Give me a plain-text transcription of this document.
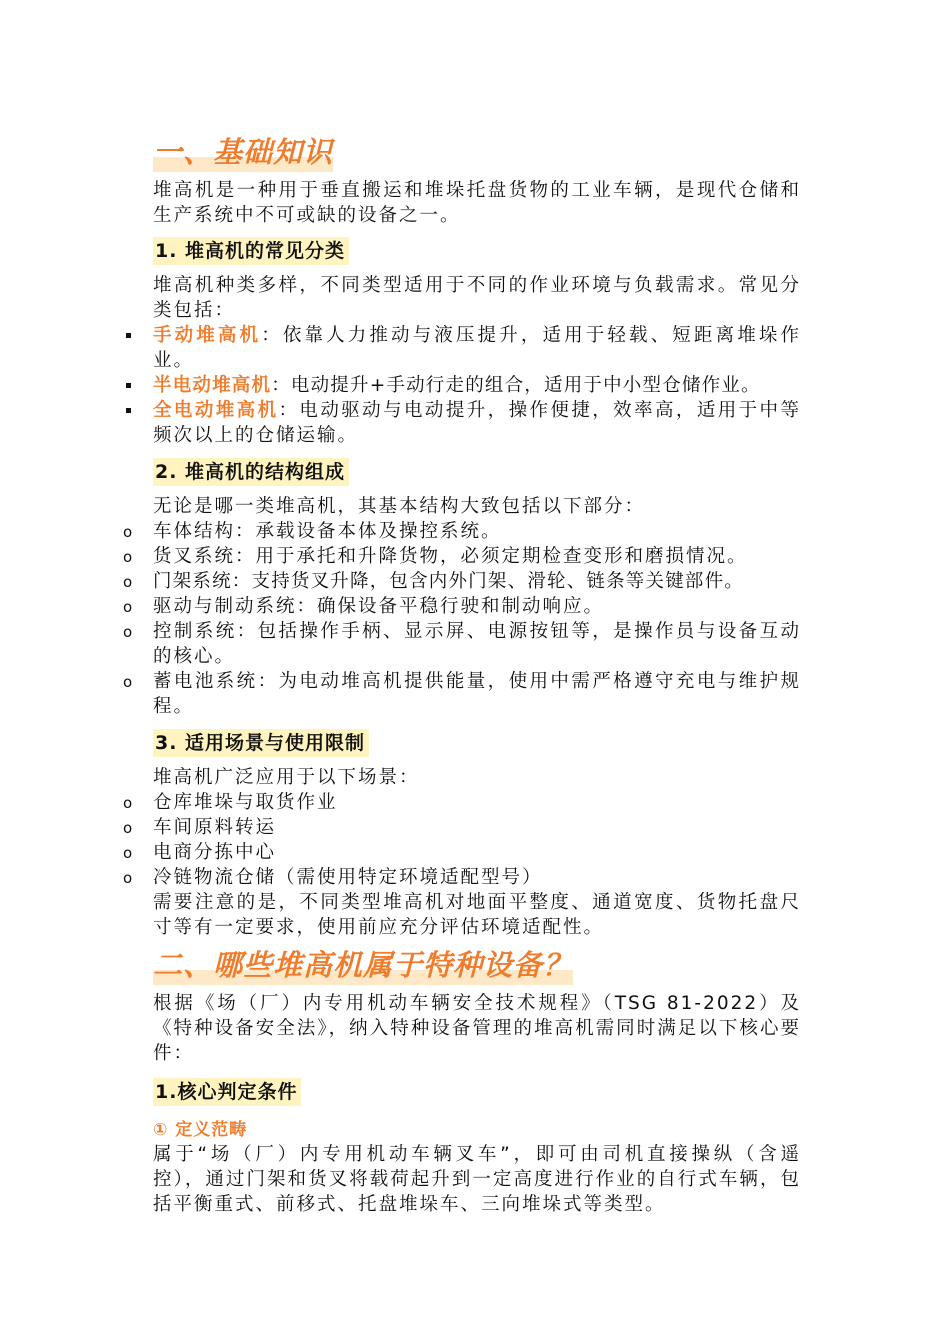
一、基础知识

堆高机是一种用于垂直搬运和堆垛托盘货物的工业车辆，是现代仓储和生产系统中不可或缺的设备之一。

1. 堆高机的常见分类

堆高机种类多样，不同类型适用于不同的作业环境与负载需求。常见分类包括：

手动堆高机：依靠人力推动与液压提升，适用于轻载、短距离堆垛作业。
半电动堆高机：电动提升+手动行走的组合，适用于中小型仓储作业。
全电动堆高机：电动驱动与电动提升，操作便捷，效率高，适用于中等频次以上的仓储运输。
2. 堆高机的结构组成

无论是哪一类堆高机，其基本结构大致包括以下部分：

o 车体结构：承载设备本体及操控系统。
o 货叉系统：用于承托和升降货物，必须定期检查变形和磨损情况。
o 门架系统：支持货叉升降，包含内外门架、滑轮、链条等关键部件。
o 驱动与制动系统：确保设备平稳行驶和制动响应。
o 控制系统：包括操作手柄、显示屏、电源按钮等，是操作员与设备互动的核心。
o 蓄电池系统：为电动堆高机提供能量，使用中需严格遵守充电与维护规程。
3. 适用场景与使用限制

堆高机广泛应用于以下场景：

o 仓库堆垛与取货作业
o 车间原料转运
o 电商分拣中心
o 冷链物流仓储（需使用特定环境适配型号）

需要注意的是，不同类型堆高机对地面平整度、通道宽度、货物托盘尺寸等有一定要求，使用前应充分评估环境适配性。

二、哪些堆高机属于特种设备？

根据《场（厂）内专用机动车辆安全技术规程》（TSG 81-2022）及《特种设备安全法》，纳入特种设备管理的堆高机需同时满足以下核心要件：

1.核心判定条件
① 定义范畴

属于“场（厂）内专用机动车辆叉车”，即可由司机直接操纵（含遥控），通过门架和货叉将载荷起升到一定高度进行作业的自行式车辆，包括平衡重式、前移式、托盘堆垛车、三向堆垛式等类型。
